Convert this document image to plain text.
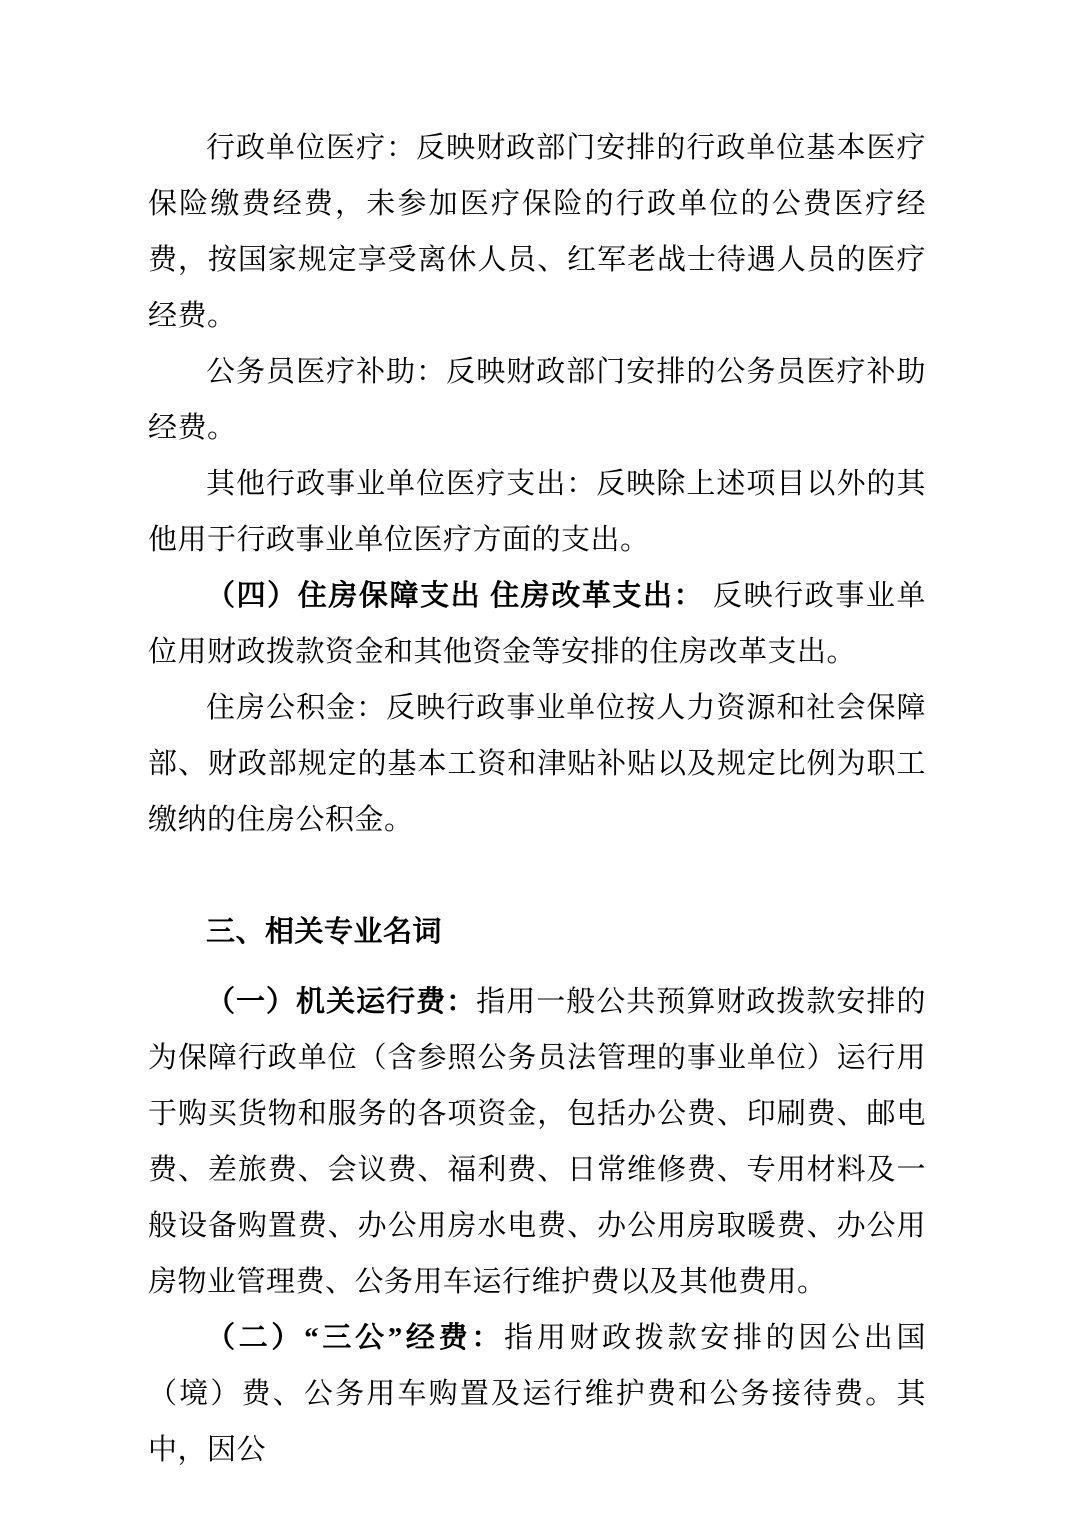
行政单位医疗：反映财政部门安排的行政单位基本医疗保险缴费经费，未参加医疗保险的行政单位的公费医疗经费，按国家规定享受离休人员、红军老战士待遇人员的医疗经费。

公务员医疗补助：反映财政部门安排的公务员医疗补助经费。

其他行政事业单位医疗支出：反映除上述项目以外的其他用于行政事业单位医疗方面的支出。

（四）住房保障支出 住房改革支出： 反映行政事业单位用财政拨款资金和其他资金等安排的住房改革支出。

住房公积金：反映行政事业单位按人力资源和社会保障部、财政部规定的基本工资和津贴补贴以及规定比例为职工缴纳的住房公积金。

三、相关专业名词

（一）机关运行费：指用一般公共预算财政拨款安排的为保障行政单位（含参照公务员法管理的事业单位）运行用于购买货物和服务的各项资金，包括办公费、印刷费、邮电费、差旅费、会议费、福利费、日常维修费、专用材料及一般设备购置费、办公用房水电费、办公用房取暖费、办公用房物业管理费、公务用车运行维护费以及其他费用。

（二）“三公”经费：指用财政拨款安排的因公出国（境）费、公务用车购置及运行维护费和公务接待费。其中，因公
